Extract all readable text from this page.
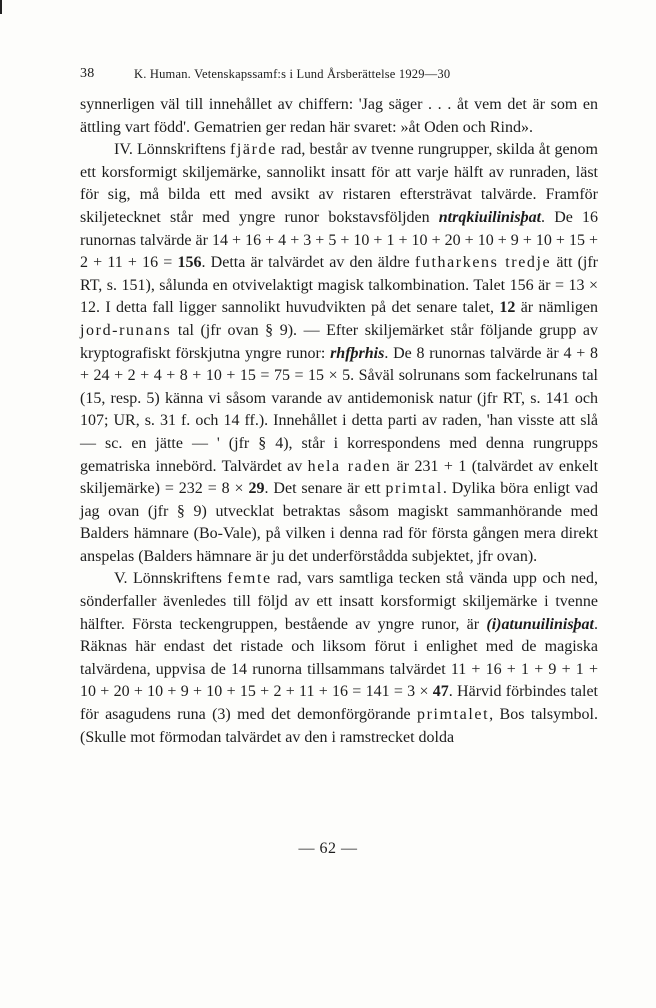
38	K. Human. Vetenskapssamf:s i Lund Årsberättelse 1929—30

synnerligen väl till innehållet av chiffern: 'Jag säger . . . åt vem det är som en ättling vart född'. Gematrien ger redan här svaret: »åt Oden och Rind».

IV. Lönnskriftens fjärde rad, består av tvenne rungrupper, skilda åt genom ett korsformigt skiljemärke, sannolikt insatt för att varje hälft av runraden, läst för sig, må bilda ett med avsikt av ristaren eftersträvat talvärde. Framför skiljetecknet står med yngre runor bokstavsföljden ntrqkiuilinisþat. De 16 runornas talvärde är 14 + 16 + 4 + 3 + 5 + 10 + 1 + 10 + 20 + 10 + 9 + 10 + 15 + 2 + 11 + 16 = 156. Detta är talvärdet av den äldre futharkens tredje ätt (jfr RT, s. 151), sålunda en otvivelaktigt magisk talkombination. Talet 156 är = 13 × 12. I detta fall ligger sannolikt huvudvikten på det senare talet, 12 är nämligen jord-runans tal (jfr ovan § 9). — Efter skiljemärket står följande grupp av kryptografiskt förskjutna yngre runor: rhfþrhis. De 8 runornas talvärde är 4 + 8 + 24 + 2 + 4 + 8 + 10 + 15 = 75 = 15 × 5. Såväl solrunans som fackelrunans tal (15, resp. 5) känna vi såsom varande av antidemonisk natur (jfr RT, s. 141 och 107; UR, s. 31 f. och 14 ff.). Innehållet i detta parti av raden, 'han visste att slå — sc. en jätte — ' (jfr § 4), står i korrespondens med denna rungrupps gematriska innebörd. Talvärdet av hela raden är 231 + 1 (talvärdet av enkelt skiljemärke) = 232 = 8 × 29. Det senare är ett primtal. Dylika böra enligt vad jag ovan (jfr § 9) utvecklat betraktas såsom magiskt sammanhörande med Balders hämnare (Bo-Vale), på vilken i denna rad för första gången mera direkt anspelas (Balders hämnare är ju det underförstådda subjektet, jfr ovan).

V. Lönnskriftens femte rad, vars samtliga tecken stå vända upp och ned, sönderfaller ävenledes till följd av ett insatt korsformigt skiljemärke i tvenne hälfter. Första teckengruppen, bestående av yngre runor, är (i)atunuilinisþat. Räknas här endast det ristade och liksom förut i enlighet med de magiska talvärdena, uppvisa de 14 runorna tillsammans talvärdet 11 + 16 + 1 + 9 + 1 + 10 + 20 + 10 + 9 + 10 + 15 + 2 + 11 + 16 = 141 = 3 × 47. Härvid förbindes talet för asagudens runa (3) med det demonförgörande primtalet, Bos talsymbol. (Skulle mot förmodan talvärdet av den i ramstrecket dolda

— 62 —
